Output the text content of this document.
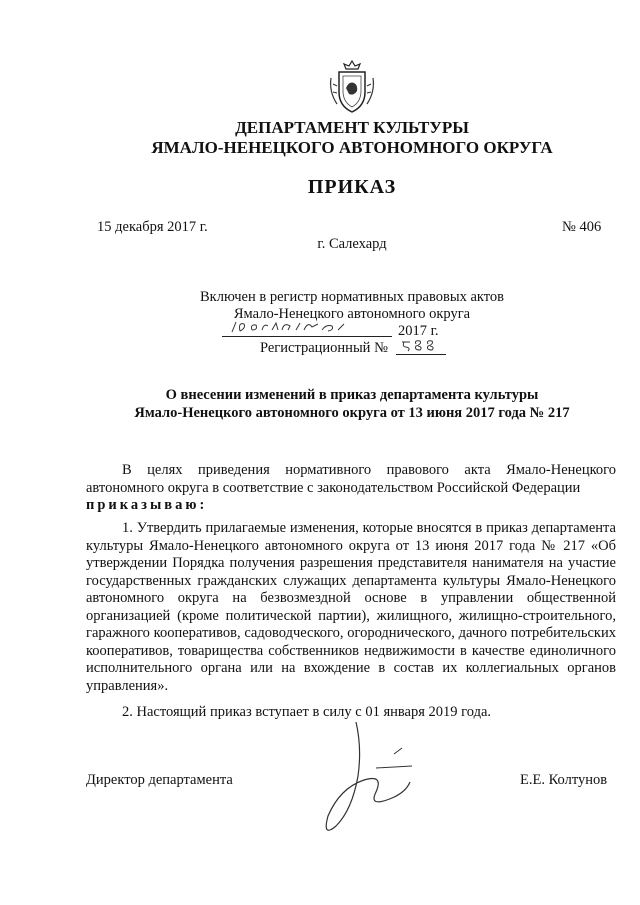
ДЕПАРТАМЕНТ КУЛЬТУРЫ
ЯМАЛО-НЕНЕЦКОГО АВТОНОМНОГО ОКРУГА
ПРИКАЗ
15 декабря 2017 г.	№ 406
г. Салехард
Включен в регистр нормативных правовых актов
Ямало-Ненецкого автономного округа
2017 г.
Регистрационный №
О внесении изменений в приказ департамента культуры
Ямало-Ненецкого автономного округа от 13 июня 2017 года № 217

В целях приведения нормативного правового акта Ямало-Ненецкого автономного округа в соответствие с законодательством Российской Федерации

приказываю:

1. Утвердить прилагаемые изменения, которые вносятся в приказ департамента культуры Ямало-Ненецкого автономного округа от 13 июня 2017 года № 217 «Об утверждении Порядка получения разрешения представителя нанимателя на участие государственных гражданских служащих департамента культуры Ямало-Ненецкого автономного округа на безвозмездной основе в управлении общественной организацией (кроме политической партии), жилищного, жилищно-строительного, гаражного кооперативов, садоводческого, огороднического, дачного потребительских кооперативов, товарищества собственников недвижимости в качестве единоличного исполнительного органа или на вхождение в состав их коллегиальных органов управления».

2. Настоящий приказ вступает в силу с 01 января 2019 года.

Директор департамента	Е.Е. Колтунов
